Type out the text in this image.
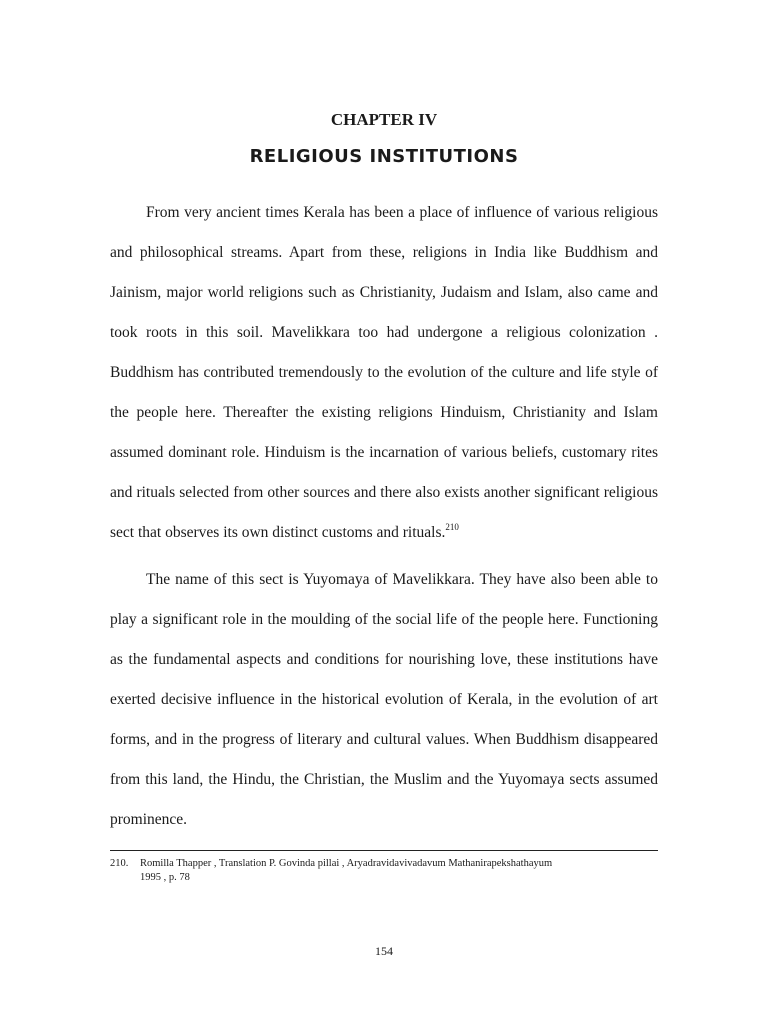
CHAPTER IV
RELIGIOUS INSTITUTIONS

From very ancient times Kerala has been a place of influence of various religious and philosophical streams. Apart from these, religions in India like Buddhism and Jainism, major world religions such as Christianity, Judaism and Islam, also came and took roots in this soil. Mavelikkara too had undergone a religious colonization . Buddhism has contributed tremendously to the evolution of the culture and life style of the people here. Thereafter the existing religions Hinduism, Christianity and Islam assumed dominant role. Hinduism is the incarnation of various beliefs, customary rites and rituals selected from other sources and there also exists another significant religious sect that observes its own distinct customs and rituals.$^{210}$

The name of this sect is Yuyomaya of Mavelikkara. They have also been able to play a significant role in the moulding of the social life of the people here. Functioning as the fundamental aspects and conditions for nourishing love, these institutions have exerted decisive influence in the historical evolution of Kerala, in the evolution of art forms, and in the progress of literary and cultural values. When Buddhism disappeared from this land, the Hindu, the Christian, the Muslim and the Yuyomaya sects assumed prominence.

210. Romilla Thapper , Translation P. Govinda pillai , Aryadravidavivadavum Mathanirapekshathayum
1995 , p. 78
154
